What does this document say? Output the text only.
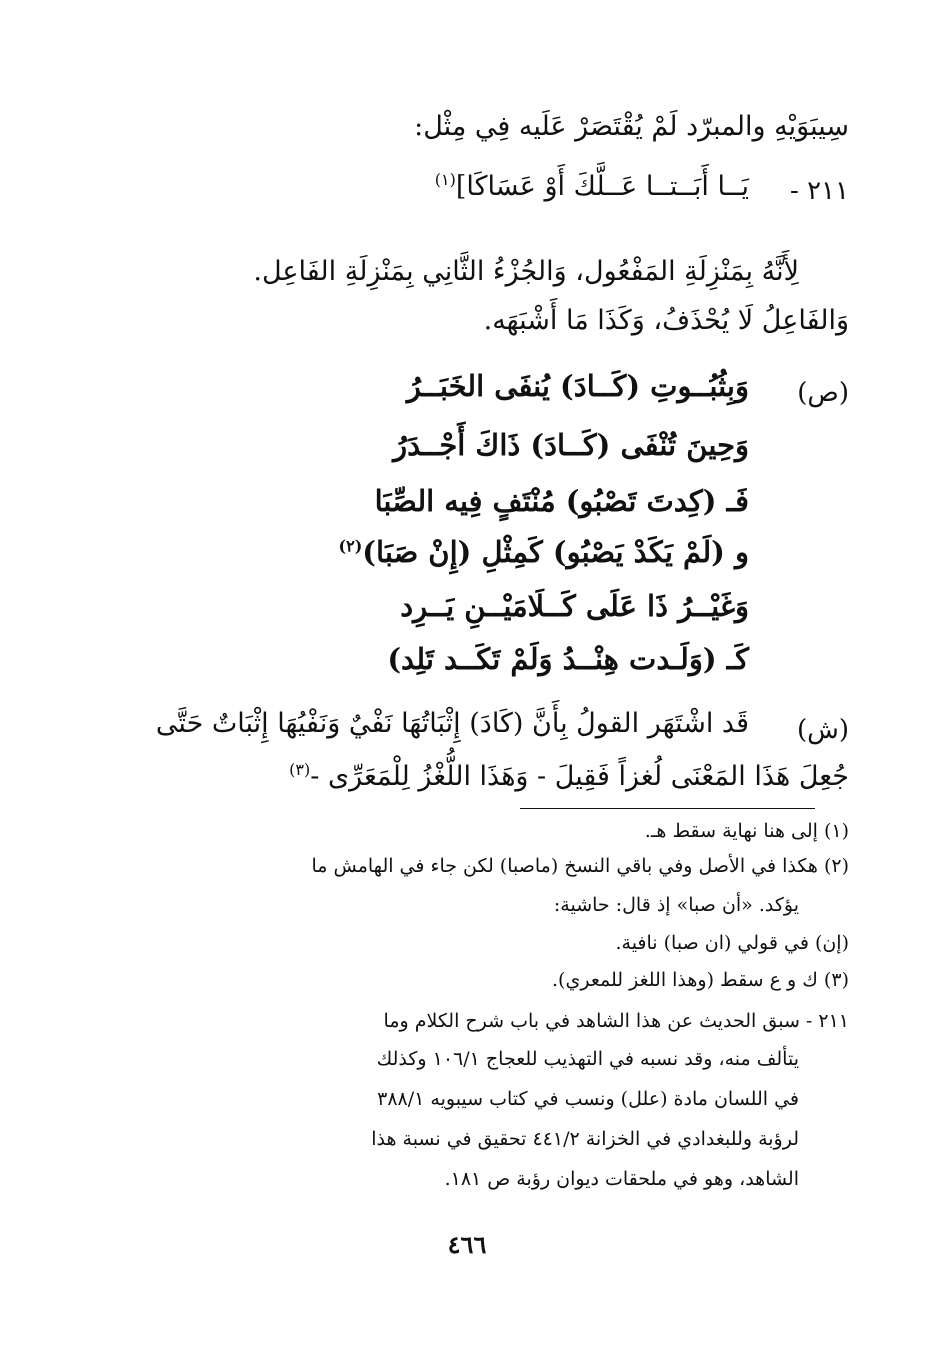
سِيبَوَيْهِ والمبرّد لَمْ يُقْتَصَرْ عَلَيه فِي مِثْل:
٢١١ -
يَــا أَبَــتــا عَــلَّكَ أَوْ عَسَاكَا]$^{(١)}$
لِأَنَّهُ بِمَنْزِلَةِ المَفْعُول، وَالجُزْءُ الثَّانِي بِمَنْزِلَةِ الفَاعِل.
وَالفَاعِلُ لَا يُحْذَفُ، وَكَذَا مَا أَشْبَهَه.
(ص)
وَبِثُبُــوتِ (كَــادَ) يُنفَى الخَبَــرُ
وَحِينَ تُنْفَى (كَــادَ) ذَاكَ أَجْــدَرُ
فَـ (كِدتَ تَصْبُو) مُنْتَفٍ فِيه الصِّبَا
و (لَمْ يَكَدْ يَصْبُو) كَمِثْلِ (إِنْ صَبَا)$^{(٢)}$
وَغَيْــرُ ذَا عَلَى كَــلَامَيْــنِ يَــرِد
كَـ (وَلَـدت هِنْــدُ وَلَمْ تَكَــد تَلِد)
(ش)
قَد اشْتَهَر القولُ بِأَنَّ (كَادَ) إِثْبَاتُهَا نَفْيٌ وَنَفْيُهَا إِثْبَاتٌ حَتَّى
جُعِلَ هَذَا المَعْنَى لُغزاً فَقِيلَ - وَهَذَا اللُّغْزُ لِلْمَعَرِّى -$^{(٣)}$
(١) إلى هنا نهاية سقط هـ.
(٢) هكذا في الأصل وفي باقي النسخ (ماصبا) لكن جاء في الهامش ما
يؤكد. «أن صبا» إذ قال: حاشية:
(إن) في قولي (ان صبا) نافية.
(٣) ك و ع سقط (وهذا اللغز للمعري).
٢١١ - سبق الحديث عن هذا الشاهد في باب شرح الكلام وما
يتألف منه، وقد نسبه في التهذيب للعجاج ١٠٦/١ وكذلك
في اللسان مادة (علل) ونسب في كتاب سيبويه ٣٨٨/١
لرؤبة وللبغدادي في الخزانة ٤٤١/٢ تحقيق في نسبة هذا
الشاهد، وهو في ملحقات ديوان رؤبة ص ١٨١.
٤٦٦
